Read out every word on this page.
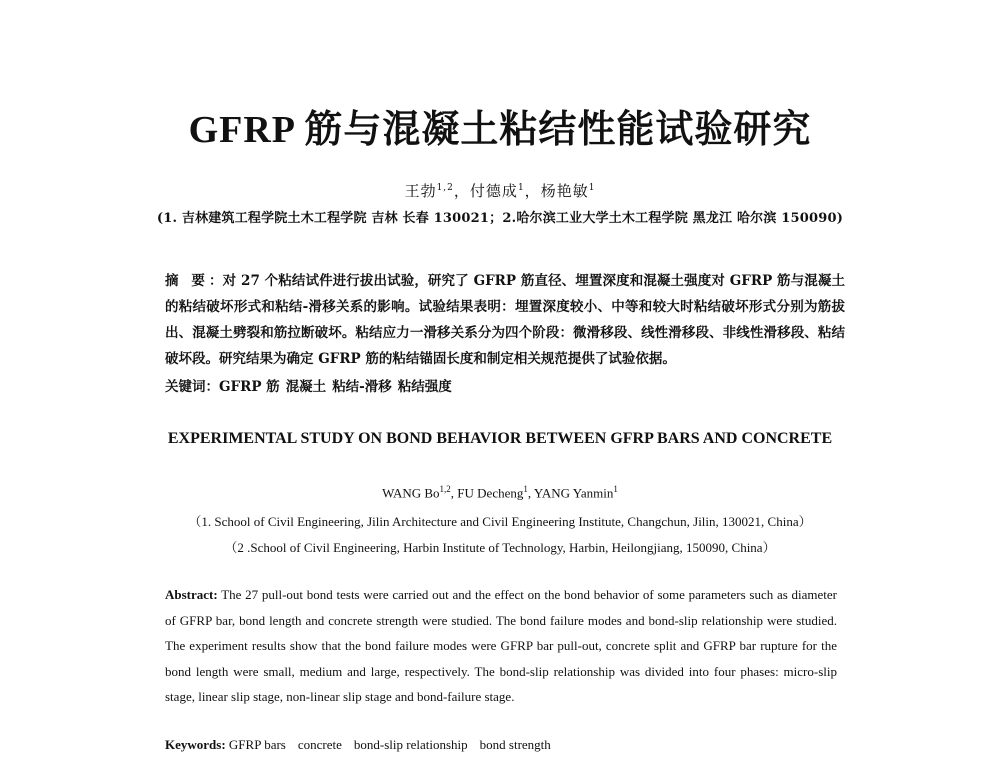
GFRP 筋与混凝土粘结性能试验研究
王勃$^{1,2}$，付德成$^1$，杨艳敏$^1$
(1. 吉林建筑工程学院土木工程学院 吉林 长春 130021；2.哈尔滨工业大学土木工程学院 黑龙江 哈尔滨 150090)
摘 要：对 27 个粘结试件进行拔出试验，研究了 GFRP 筋直径、埋置深度和混凝土强度对 GFRP 筋与混凝土的粘结破坏形式和粘结-滑移关系的影响。试验结果表明：埋置深度较小、中等和较大时粘结破坏形式分别为筋拔出、混凝土劈裂和筋拉断破坏。粘结应力一滑移关系分为四个阶段：微滑移段、线性滑移段、非线性滑移段、粘结破坏段。研究结果为确定 GFRP 筋的粘结锚固长度和制定相关规范提供了试验依据。
关键词：GFRP 筋 混凝土 粘结-滑移 粘结强度
EXPERIMENTAL STUDY ON BOND BEHAVIOR BETWEEN GFRP BARS AND CONCRETE
WANG Bo$^{1,2}$, FU Decheng$^1$, YANG Yanmin$^1$
（1. School of Civil Engineering, Jilin Architecture and Civil Engineering Institute, Changchun, Jilin, 130021, China）
（2 .School of Civil Engineering, Harbin Institute of Technology, Harbin, Heilongjiang, 150090, China）
Abstract: The 27 pull-out bond tests were carried out and the effect on the bond behavior of some parameters such as diameter of GFRP bar, bond length and concrete strength were studied. The bond failure modes and bond-slip relationship were studied. The experiment results show that the bond failure modes were GFRP bar pull-out, concrete split and GFRP bar rupture for the bond length were small, medium and large, respectively. The bond-slip relationship was divided into four phases: micro-slip stage, linear slip stage, non-linear slip stage and bond-failure stage.
Keywords: GFRP bars concrete bond-slip relationship bond strength
